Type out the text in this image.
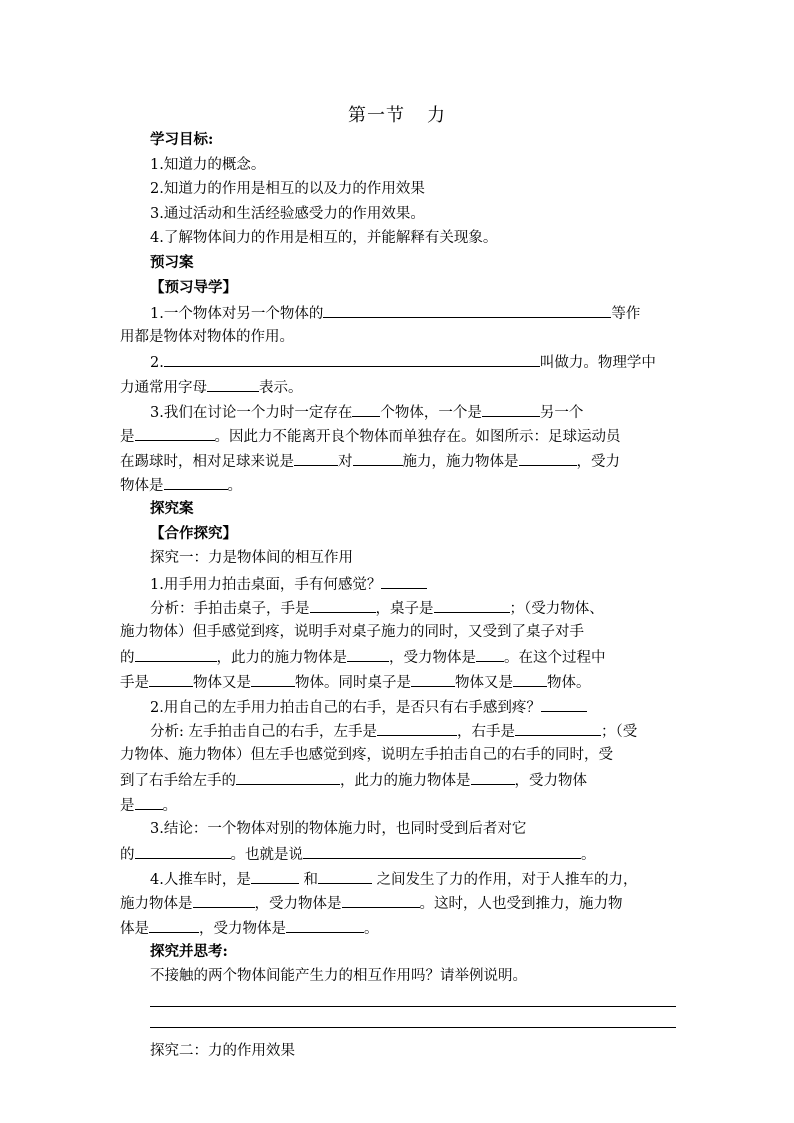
第一节 力
学习目标:
1.知道力的概念。
2.知道力的作用是相互的以及力的作用效果
3.通过活动和生活经验感受力的作用效果。
4.了解物体间力的作用是相互的，并能解释有关现象。
预习案
【预习导学】
1.一个物体对另一个物体的	等作
用都是物体对物体的作用。
2.	叫做力。物理学中
力通常用字母	表示。
3.我们在讨论一个力时一定存在 个物体，一个是	另一个
是	。因此力不能离开良个物体而单独存在。如图所示：足球运动员
在踢球时，相对足球来说是	对	施力，施力物体是	，受力
物体是	。
探究案
【合作探究】
探究一：力是物体间的相互作用
1.用手用力拍击桌面，手有何感觉？
分析：手拍击桌子，手是	，桌子是	；（受力物体、
施力物体）但手感觉到疼，说明手对桌子施力的同时，又受到了桌子对手
的	，此力的施力物体是	，受力物体是 。在这个过程中
手是	物体又是	物体。同时桌子是	物体又是 物体。
2.用自己的左手用力拍击自己的右手，是否只有右手感到疼？
分析: 左手拍击自己的右手，左手是	，右手是	；（受
力物体、施力物体）但左手也感觉到疼，说明左手拍击自己的右手的同时，受
到了右手给左手的	，此力的施力物体是	，受力物体
是 。
3.结论：一个物体对别的物体施力时，也同时受到后者对它
的	。也就是说	。
4.人推车时，是	和	之间发生了力的作用，对于人推车的力，
施力物体是	，受力物体是	。这时，人也受到推力，施力物
体是	，受力物体是	。
探究并思考:
不接触的两个物体间能产生力的相互作用吗？请举例说明。
探究二：力的作用效果
